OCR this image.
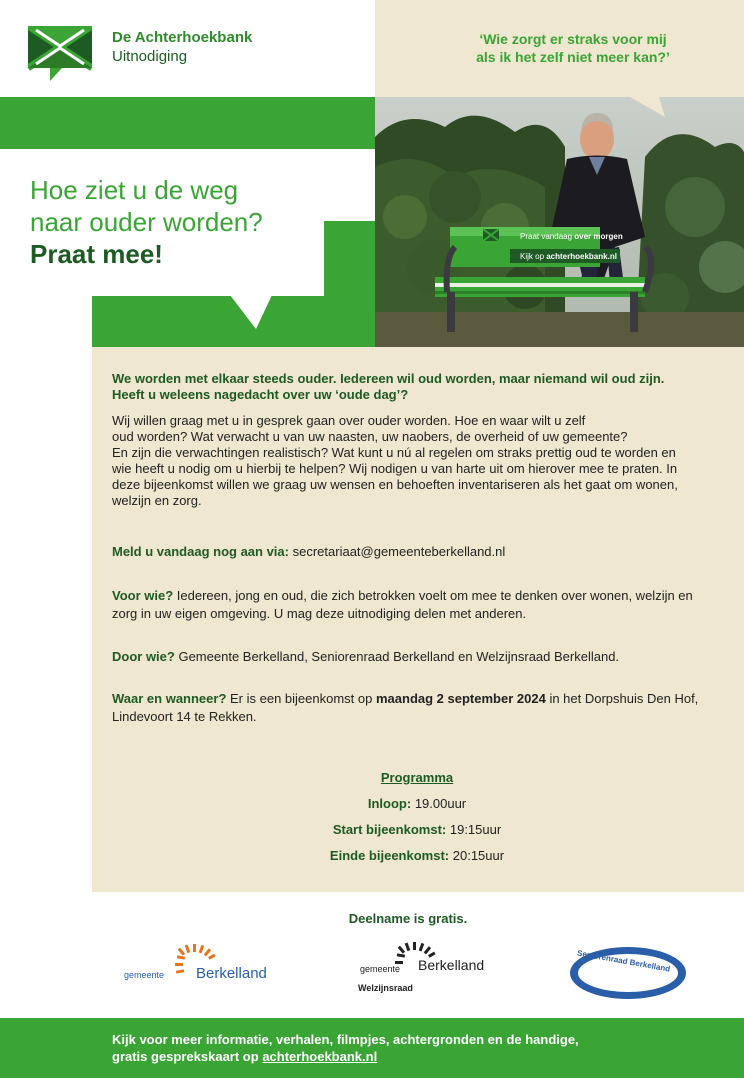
De Achterhoekbank
Uitnodiging
‘Wie zorgt er straks voor mij
als ik het zelf niet meer kan?’
Hoe ziet u de weg
naar ouder worden?
Praat mee!
Praat vandaag over morgen
Kijk op achterhoekbank.nl
We worden met elkaar steeds ouder. Iedereen wil oud worden, maar niemand wil oud zijn.
Heeft u weleens nagedacht over uw ‘oude dag’?
Wij willen graag met u in gesprek gaan over ouder worden. Hoe en waar wilt u zelf
oud worden? Wat verwacht u van uw naasten, uw naobers, de overheid of uw gemeente?
En zijn die verwachtingen realistisch? Wat kunt u nú al regelen om straks prettig oud te worden en
wie heeft u nodig om u hierbij te helpen? Wij nodigen u van harte uit om hierover mee te praten. In
deze bijeenkomst willen we graag uw wensen en behoeften inventariseren als het gaat om wonen,
welzijn en zorg.
Meld u vandaag nog aan via: secretariaat@gemeenteberkelland.nl
Voor wie? Iedereen, jong en oud, die zich betrokken voelt om mee te denken over wonen, welzijn en zorg in uw eigen omgeving. U mag deze uitnodiging delen met anderen.
Door wie? Gemeente Berkelland, Seniorenraad Berkelland en Welzijnsraad Berkelland.
Waar en wanneer? Er is een bijeenkomst op maandag 2 september 2024 in het Dorpshuis Den Hof, Lindevoort 14 te Rekken.
Programma
Inloop: 19.00uur
Start bijeenkomst: 19:15uur
Einde bijeenkomst: 20:15uur
Deelname is gratis.
gemeente Berkelland	gemeente Berkelland
Welzijnsraad
Seniorenraad Berkelland
Senioren Samen Sterk
Kijk voor meer informatie, verhalen, filmpjes, achtergronden en de handige,
gratis gesprekskaart op achterhoekbank.nl
